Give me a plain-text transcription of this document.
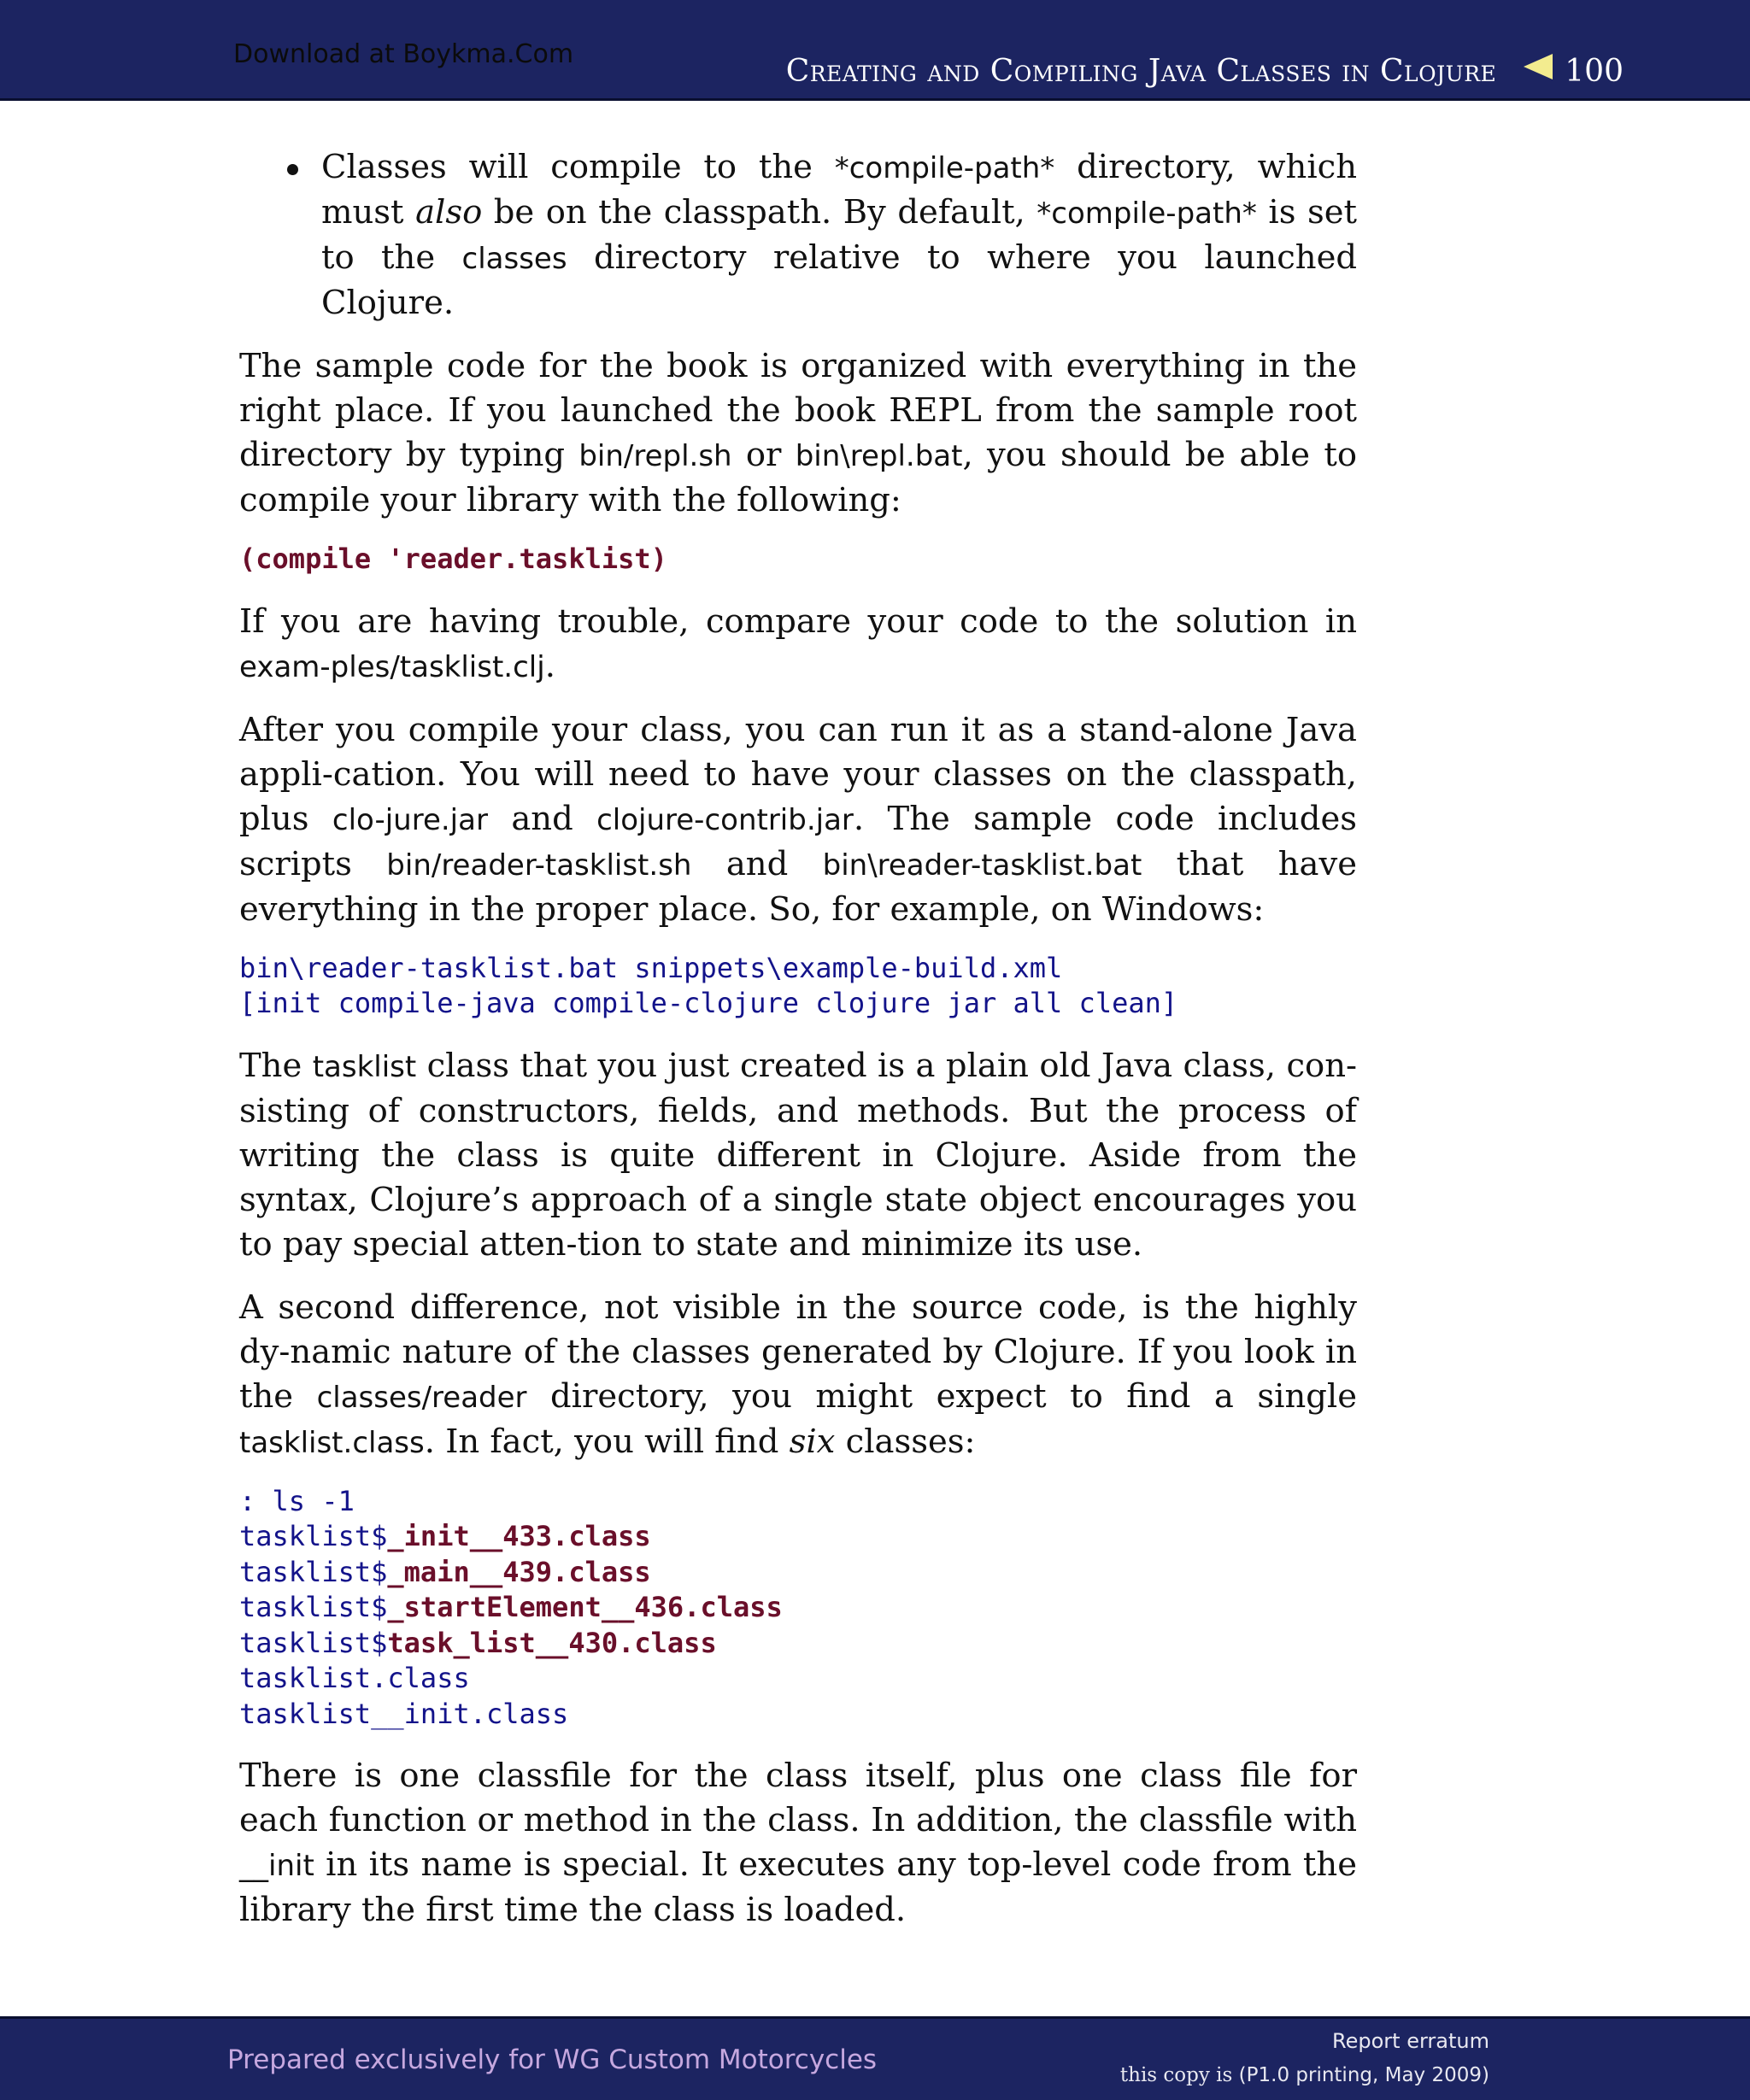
Download at Boykma.Com	Creating and Compiling Java Classes in Clojure 100
Classes will compile to the *compile-path* directory, which must also be on the classpath. By default, *compile-path* is set to the classes directory relative to where you launched Clojure.

The sample code for the book is organized with everything in the right place. If you launched the book REPL from the sample root directory by typing bin/repl.sh or bin\repl.bat, you should be able to compile your library with the following:

(compile 'reader.tasklist)

If you are having trouble, compare your code to the solution in exam-ples/tasklist.clj.

After you compile your class, you can run it as a stand-alone Java appli-cation. You will need to have your classes on the classpath, plus clo-jure.jar and clojure-contrib.jar. The sample code includes scripts bin/reader-tasklist.sh and bin\reader-tasklist.bat that have everything in the proper place. So, for example, on Windows:

bin\reader-tasklist.bat snippets\example-build.xml
[init compile-java compile-clojure clojure jar all clean]

The tasklist class that you just created is a plain old Java class, con-sisting of constructors, fields, and methods. But the process of writing the class is quite different in Clojure. Aside from the syntax, Clojure’s approach of a single state object encourages you to pay special atten-tion to state and minimize its use.

A second difference, not visible in the source code, is the highly dy-namic nature of the classes generated by Clojure. If you look in the classes/reader directory, you might expect to find a single tasklist.class. In fact, you will find six classes:

: ls -1
tasklist$_init__433.class
tasklist$_main__439.class
tasklist$_startElement__436.class
tasklist$task_list__430.class
tasklist.class
tasklist__init.class

There is one classfile for the class itself, plus one class file for each function or method in the class. In addition, the classfile with __init in its name is special. It executes any top-level code from the library the first time the class is loaded.

Prepared exclusively for WG Custom Motorcycles
Report erratum
this copy is (P1.0 printing, May 2009)
